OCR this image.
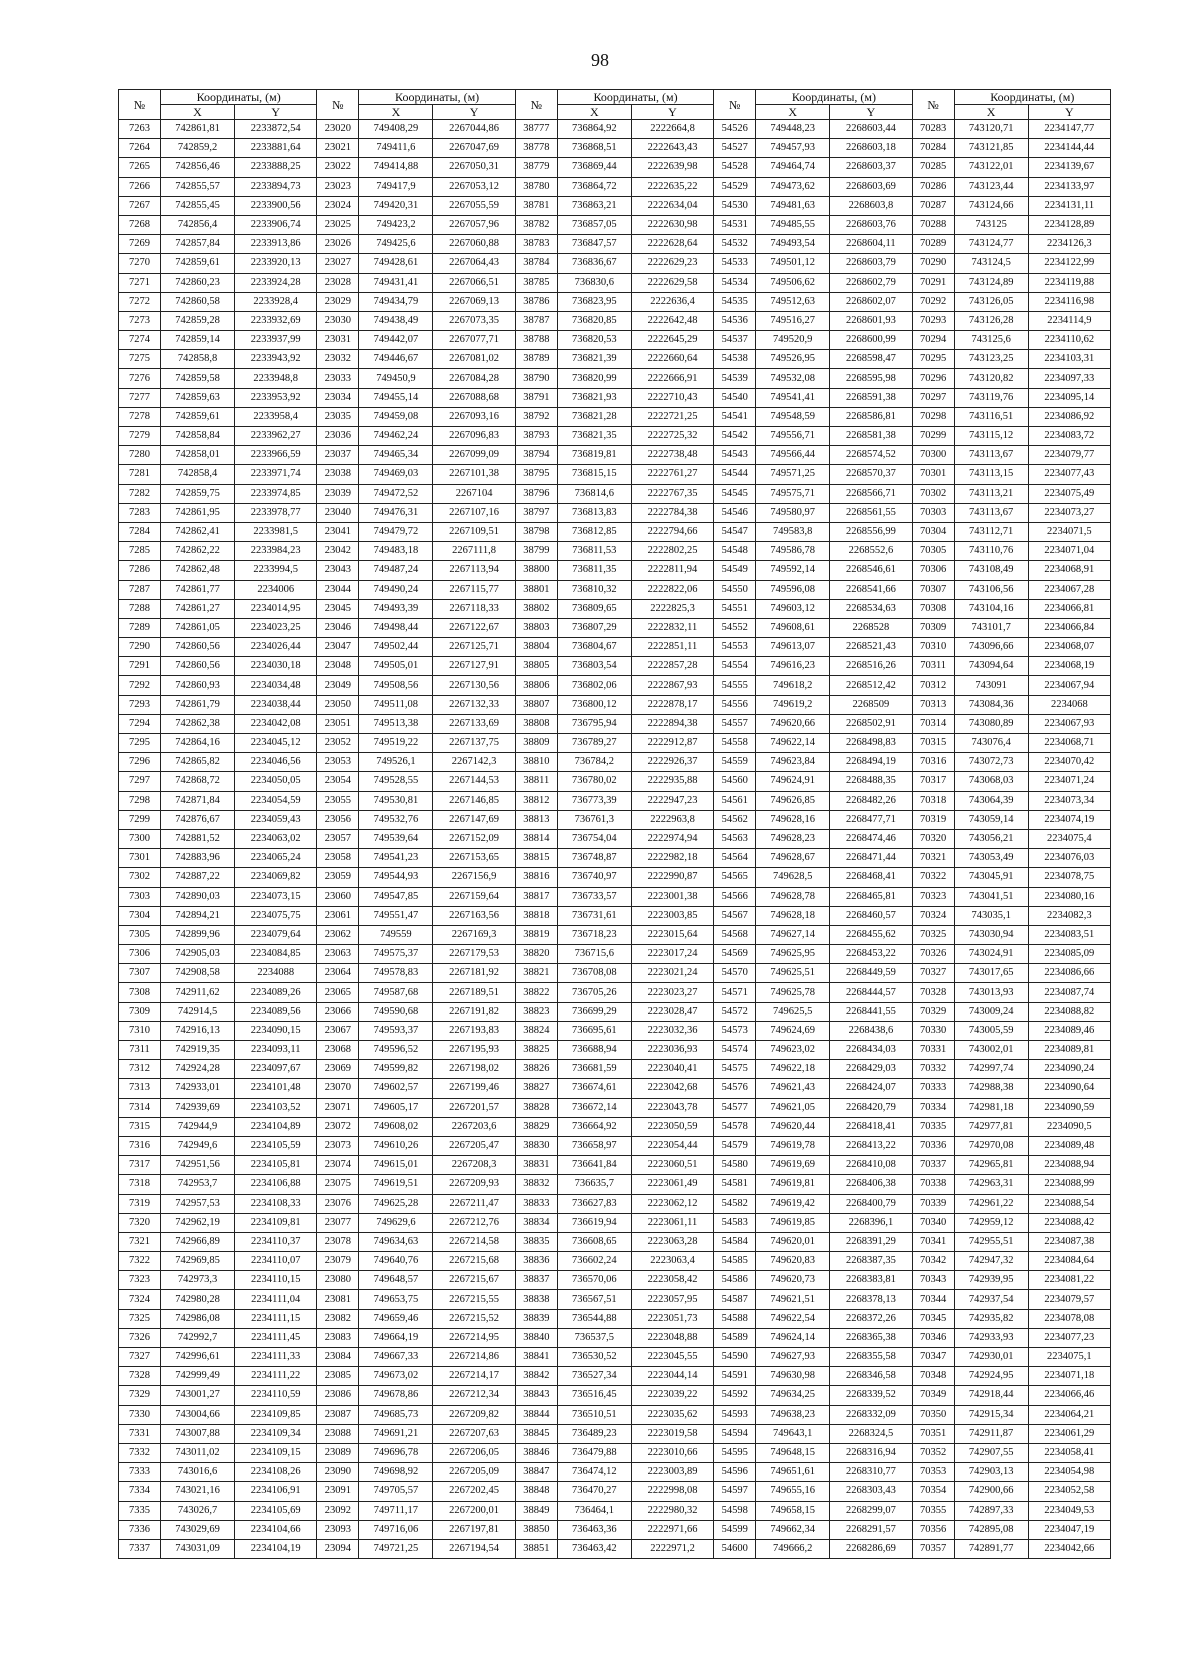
98
№	Координаты, (м)		№	Координаты, (м)		№	Координаты, (м)		№	Координаты, (м)		№	Координаты, (м)	
	X	Y		X	Y		X	Y		X	Y		X	Y
7263	742861,81	2233872,54	23020	749408,29	2267044,86	38777	736864,92	2222664,8	54526	749448,23	2268603,44	70283	743120,71	2234147,77
7264	742859,2	2233881,64	23021	749411,6	2267047,69	38778	736868,51	2222643,43	54527	749457,93	2268603,18	70284	743121,85	2234144,44
7265	742856,46	2233888,25	23022	749414,88	2267050,31	38779	736869,44	2222639,98	54528	749464,74	2268603,37	70285	743122,01	2234139,67
7266	742855,57	2233894,73	23023	749417,9	2267053,12	38780	736864,72	2222635,22	54529	749473,62	2268603,69	70286	743123,44	2234133,97
7267	742855,45	2233900,56	23024	749420,31	2267055,59	38781	736863,21	2222634,04	54530	749481,63	2268603,8	70287	743124,66	2234131,11
7268	742856,4	2233906,74	23025	749423,2	2267057,96	38782	736857,05	2222630,98	54531	749485,55	2268603,76	70288	743125	2234128,89
7269	742857,84	2233913,86	23026	749425,6	2267060,88	38783	736847,57	2222628,64	54532	749493,54	2268604,11	70289	743124,77	2234126,3
7270	742859,61	2233920,13	23027	749428,61	2267064,43	38784	736836,67	2222629,23	54533	749501,12	2268603,79	70290	743124,5	2234122,99
7271	742860,23	2233924,28	23028	749431,41	2267066,51	38785	736830,6	2222629,58	54534	749506,62	2268602,79	70291	743124,89	2234119,88
7272	742860,58	2233928,4	23029	749434,79	2267069,13	38786	736823,95	2222636,4	54535	749512,63	2268602,07	70292	743126,05	2234116,98
7273	742859,28	2233932,69	23030	749438,49	2267073,35	38787	736820,85	2222642,48	54536	749516,27	2268601,93	70293	743126,28	2234114,9
7274	742859,14	2233937,99	23031	749442,07	2267077,71	38788	736820,53	2222645,29	54537	749520,9	2268600,99	70294	743125,6	2234110,62
7275	742858,8	2233943,92	23032	749446,67	2267081,02	38789	736821,39	2222660,64	54538	749526,95	2268598,47	70295	743123,25	2234103,31
7276	742859,58	2233948,8	23033	749450,9	2267084,28	38790	736820,99	2222666,91	54539	749532,08	2268595,98	70296	743120,82	2234097,33
7277	742859,63	2233953,92	23034	749455,14	2267088,68	38791	736821,93	2222710,43	54540	749541,41	2268591,38	70297	743119,76	2234095,14
7278	742859,61	2233958,4	23035	749459,08	2267093,16	38792	736821,28	2222721,25	54541	749548,59	2268586,81	70298	743116,51	2234086,92
7279	742858,84	2233962,27	23036	749462,24	2267096,83	38793	736821,35	2222725,32	54542	749556,71	2268581,38	70299	743115,12	2234083,72
7280	742858,01	2233966,59	23037	749465,34	2267099,09	38794	736819,81	2222738,48	54543	749566,44	2268574,52	70300	743113,67	2234079,77
7281	742858,4	2233971,74	23038	749469,03	2267101,38	38795	736815,15	2222761,27	54544	749571,25	2268570,37	70301	743113,15	2234077,43
7282	742859,75	2233974,85	23039	749472,52	2267104	38796	736814,6	2222767,35	54545	749575,71	2268566,71	70302	743113,21	2234075,49
7283	742861,95	2233978,77	23040	749476,31	2267107,16	38797	736813,83	2222784,38	54546	749580,97	2268561,55	70303	743113,67	2234073,27
7284	742862,41	2233981,5	23041	749479,72	2267109,51	38798	736812,85	2222794,66	54547	749583,8	2268556,99	70304	743112,71	2234071,5
7285	742862,22	2233984,23	23042	749483,18	2267111,8	38799	736811,53	2222802,25	54548	749586,78	2268552,6	70305	743110,76	2234071,04
7286	742862,48	2233994,5	23043	749487,24	2267113,94	38800	736811,35	2222811,94	54549	749592,14	2268546,61	70306	743108,49	2234068,91
7287	742861,77	2234006	23044	749490,24	2267115,77	38801	736810,32	2222822,06	54550	749596,08	2268541,66	70307	743106,56	2234067,28
7288	742861,27	2234014,95	23045	749493,39	2267118,33	38802	736809,65	2222825,3	54551	749603,12	2268534,63	70308	743104,16	2234066,81
7289	742861,05	2234023,25	23046	749498,44	2267122,67	38803	736807,29	2222832,11	54552	749608,61	2268528	70309	743101,7	2234066,84
7290	742860,56	2234026,44	23047	749502,44	2267125,71	38804	736804,67	2222851,11	54553	749613,07	2268521,43	70310	743096,66	2234068,07
7291	742860,56	2234030,18	23048	749505,01	2267127,91	38805	736803,54	2222857,28	54554	749616,23	2268516,26	70311	743094,64	2234068,19
7292	742860,93	2234034,48	23049	749508,56	2267130,56	38806	736802,06	2222867,93	54555	749618,2	2268512,42	70312	743091	2234067,94
7293	742861,79	2234038,44	23050	749511,08	2267132,33	38807	736800,12	2222878,17	54556	749619,2	2268509	70313	743084,36	2234068
7294	742862,38	2234042,08	23051	749513,38	2267133,69	38808	736795,94	2222894,38	54557	749620,66	2268502,91	70314	743080,89	2234067,93
7295	742864,16	2234045,12	23052	749519,22	2267137,75	38809	736789,27	2222912,87	54558	749622,14	2268498,83	70315	743076,4	2234068,71
7296	742865,82	2234046,56	23053	749526,1	2267142,3	38810	736784,2	2222926,37	54559	749623,84	2268494,19	70316	743072,73	2234070,42
7297	742868,72	2234050,05	23054	749528,55	2267144,53	38811	736780,02	2222935,88	54560	749624,91	2268488,35	70317	743068,03	2234071,24
7298	742871,84	2234054,59	23055	749530,81	2267146,85	38812	736773,39	2222947,23	54561	749626,85	2268482,26	70318	743064,39	2234073,34
7299	742876,67	2234059,43	23056	749532,76	2267147,69	38813	736761,3	2222963,8	54562	749628,16	2268477,71	70319	743059,14	2234074,19
7300	742881,52	2234063,02	23057	749539,64	2267152,09	38814	736754,04	2222974,94	54563	749628,23	2268474,46	70320	743056,21	2234075,4
7301	742883,96	2234065,24	23058	749541,23	2267153,65	38815	736748,87	2222982,18	54564	749628,67	2268471,44	70321	743053,49	2234076,03
7302	742887,22	2234069,82	23059	749544,93	2267156,9	38816	736740,97	2222990,87	54565	749628,5	2268468,41	70322	743045,91	2234078,75
7303	742890,03	2234073,15	23060	749547,85	2267159,64	38817	736733,57	2223001,38	54566	749628,78	2268465,81	70323	743041,51	2234080,16
7304	742894,21	2234075,75	23061	749551,47	2267163,56	38818	736731,61	2223003,85	54567	749628,18	2268460,57	70324	743035,1	2234082,3
7305	742899,96	2234079,64	23062	749559	2267169,3	38819	736718,23	2223015,64	54568	749627,14	2268455,62	70325	743030,94	2234083,51
7306	742905,03	2234084,85	23063	749575,37	2267179,53	38820	736715,6	2223017,24	54569	749625,95	2268453,22	70326	743024,91	2234085,09
7307	742908,58	2234088	23064	749578,83	2267181,92	38821	736708,08	2223021,24	54570	749625,51	2268449,59	70327	743017,65	2234086,66
7308	742911,62	2234089,26	23065	749587,68	2267189,51	38822	736705,26	2223023,27	54571	749625,78	2268444,57	70328	743013,93	2234087,74
7309	742914,5	2234089,56	23066	749590,68	2267191,82	38823	736699,29	2223028,47	54572	749625,5	2268441,55	70329	743009,24	2234088,82
7310	742916,13	2234090,15	23067	749593,37	2267193,83	38824	736695,61	2223032,36	54573	749624,69	2268438,6	70330	743005,59	2234089,46
7311	742919,35	2234093,11	23068	749596,52	2267195,93	38825	736688,94	2223036,93	54574	749623,02	2268434,03	70331	743002,01	2234089,81
7312	742924,28	2234097,67	23069	749599,82	2267198,02	38826	736681,59	2223040,41	54575	749622,18	2268429,03	70332	742997,74	2234090,24
7313	742933,01	2234101,48	23070	749602,57	2267199,46	38827	736674,61	2223042,68	54576	749621,43	2268424,07	70333	742988,38	2234090,64
7314	742939,69	2234103,52	23071	749605,17	2267201,57	38828	736672,14	2223043,78	54577	749621,05	2268420,79	70334	742981,18	2234090,59
7315	742944,9	2234104,89	23072	749608,02	2267203,6	38829	736664,92	2223050,59	54578	749620,44	2268418,41	70335	742977,81	2234090,5
7316	742949,6	2234105,59	23073	749610,26	2267205,47	38830	736658,97	2223054,44	54579	749619,78	2268413,22	70336	742970,08	2234089,48
7317	742951,56	2234105,81	23074	749615,01	2267208,3	38831	736641,84	2223060,51	54580	749619,69	2268410,08	70337	742965,81	2234088,94
7318	742953,7	2234106,88	23075	749619,51	2267209,93	38832	736635,7	2223061,49	54581	749619,81	2268406,38	70338	742963,31	2234088,99
7319	742957,53	2234108,33	23076	749625,28	2267211,47	38833	736627,83	2223062,12	54582	749619,42	2268400,79	70339	742961,22	2234088,54
7320	742962,19	2234109,81	23077	749629,6	2267212,76	38834	736619,94	2223061,11	54583	749619,85	2268396,1	70340	742959,12	2234088,42
7321	742966,89	2234110,37	23078	749634,63	2267214,58	38835	736608,65	2223063,28	54584	749620,01	2268391,29	70341	742955,51	2234087,38
7322	742969,85	2234110,07	23079	749640,76	2267215,68	38836	736602,24	2223063,4	54585	749620,83	2268387,35	70342	742947,32	2234084,64
7323	742973,3	2234110,15	23080	749648,57	2267215,67	38837	736570,06	2223058,42	54586	749620,73	2268383,81	70343	742939,95	2234081,22
7324	742980,28	2234111,04	23081	749653,75	2267215,55	38838	736567,51	2223057,95	54587	749621,51	2268378,13	70344	742937,54	2234079,57
7325	742986,08	2234111,15	23082	749659,46	2267215,52	38839	736544,88	2223051,73	54588	749622,54	2268372,26	70345	742935,82	2234078,08
7326	742992,7	2234111,45	23083	749664,19	2267214,95	38840	736537,5	2223048,88	54589	749624,14	2268365,38	70346	742933,93	2234077,23
7327	742996,61	2234111,33	23084	749667,33	2267214,86	38841	736530,52	2223045,55	54590	749627,93	2268355,58	70347	742930,01	2234075,1
7328	742999,49	2234111,22	23085	749673,02	2267214,17	38842	736527,34	2223044,14	54591	749630,98	2268346,58	70348	742924,95	2234071,18
7329	743001,27	2234110,59	23086	749678,86	2267212,34	38843	736516,45	2223039,22	54592	749634,25	2268339,52	70349	742918,44	2234066,46
7330	743004,66	2234109,85	23087	749685,73	2267209,82	38844	736510,51	2223035,62	54593	749638,23	2268332,09	70350	742915,34	2234064,21
7331	743007,88	2234109,34	23088	749691,21	2267207,63	38845	736489,23	2223019,58	54594	749643,1	2268324,5	70351	742911,87	2234061,29
7332	743011,02	2234109,15	23089	749696,78	2267206,05	38846	736479,88	2223010,66	54595	749648,15	2268316,94	70352	742907,55	2234058,41
7333	743016,6	2234108,26	23090	749698,92	2267205,09	38847	736474,12	2223003,89	54596	749651,61	2268310,77	70353	742903,13	2234054,98
7334	743021,16	2234106,91	23091	749705,57	2267202,45	38848	736470,27	2222998,08	54597	749655,16	2268303,43	70354	742900,66	2234052,58
7335	743026,7	2234105,69	23092	749711,17	2267200,01	38849	736464,1	2222980,32	54598	749658,15	2268299,07	70355	742897,33	2234049,53
7336	743029,69	2234104,66	23093	749716,06	2267197,81	38850	736463,36	2222971,66	54599	749662,34	2268291,57	70356	742895,08	2234047,19
7337	743031,09	2234104,19	23094	749721,25	2267194,54	38851	736463,42	2222971,2	54600	749666,2	2268286,69	70357	742891,77	2234042,66
